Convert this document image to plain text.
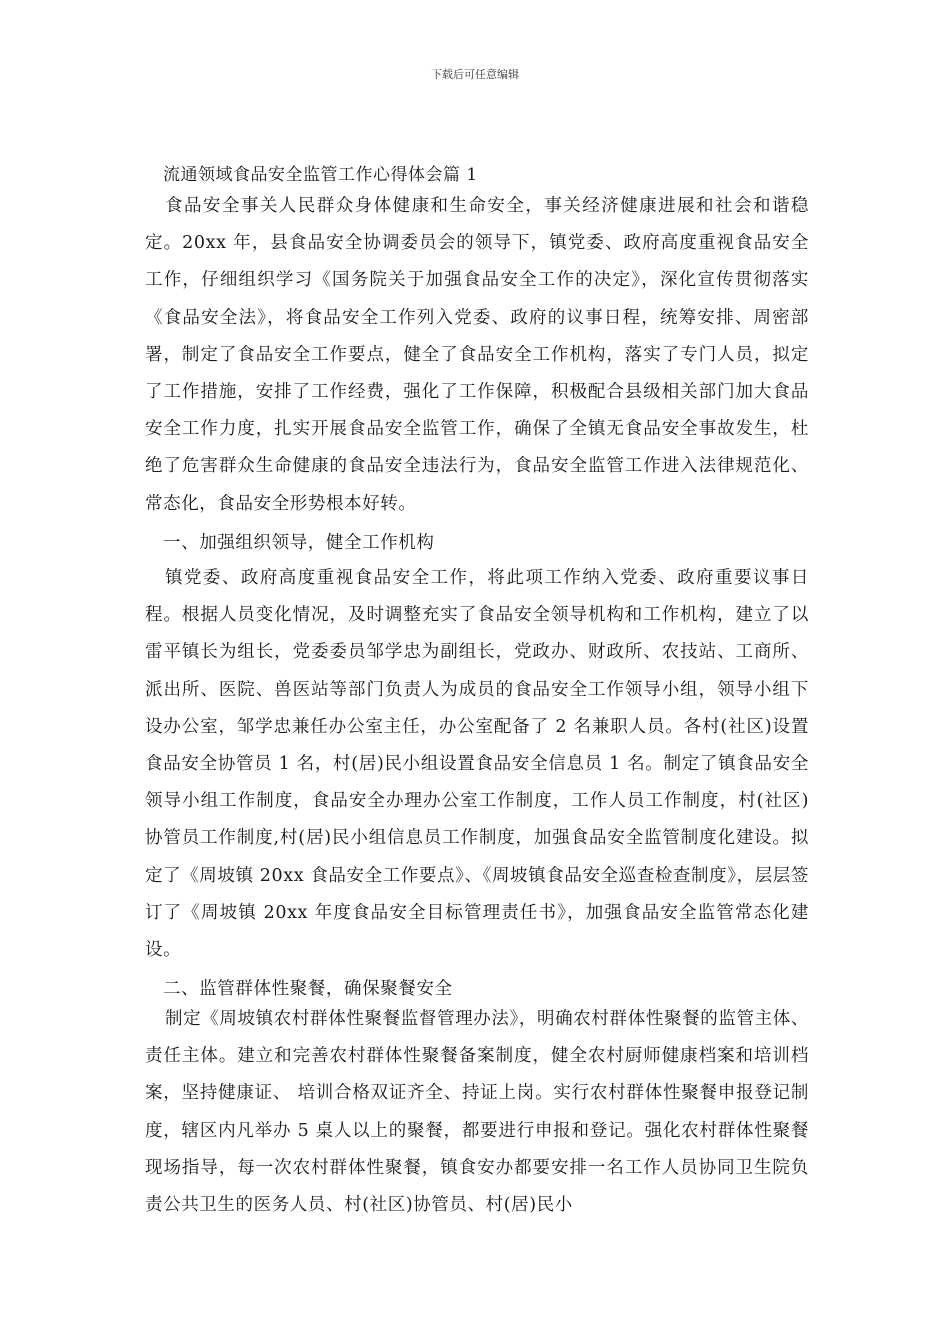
下载后可任意编辑
流通领域食品安全监管工作心得体会篇 1

食品安全事关人民群众身体健康和生命安全，事关经济健康进展和社会和谐稳定。20xx 年，县食品安全协调委员会的领导下，镇党委、政府高度重视食品安全工作，仔细组织学习《国务院关于加强食品安全工作的决定》，深化宣传贯彻落实《食品安全法》，将食品安全工作列入党委、政府的议事日程，统筹安排、周密部署，制定了食品安全工作要点，健全了食品安全工作机构，落实了专门人员，拟定了工作措施，安排了工作经费，强化了工作保障，积极配合县级相关部门加大食品安全工作力度，扎实开展食品安全监管工作，确保了全镇无食品安全事故发生，杜绝了危害群众生命健康的食品安全违法行为，食品安全监管工作进入法律规范化、常态化，食品安全形势根本好转。

一、加强组织领导，健全工作机构

镇党委、政府高度重视食品安全工作，将此项工作纳入党委、政府重要议事日程。根据人员变化情况，及时调整充实了食品安全领导机构和工作机构，建立了以雷平镇长为组长，党委委员邹学忠为副组长，党政办、财政所、农技站、工商所、派出所、医院、兽医站等部门负责人为成员的食品安全工作领导小组，领导小组下设办公室，邹学忠兼任办公室主任，办公室配备了 2 名兼职人员。各村(社区)设置食品安全协管员 1 名，村(居)民小组设置食品安全信息员 1 名。制定了镇食品安全领导小组工作制度，食品安全办理办公室工作制度，工作人员工作制度，村(社区)协管员工作制度,村(居)民小组信息员工作制度，加强食品安全监管制度化建设。拟定了《周坡镇 20xx 食品安全工作要点》、《周坡镇食品安全巡查检查制度》，层层签订了《周坡镇 20xx 年度食品安全目标管理责任书》，加强食品安全监管常态化建设。

二、监管群体性聚餐，确保聚餐安全

制定《周坡镇农村群体性聚餐监督管理办法》，明确农村群体性聚餐的监管主体、责任主体。建立和完善农村群体性聚餐备案制度，健全农村厨师健康档案和培训档案，坚持健康证、 培训合格双证齐全、持证上岗。实行农村群体性聚餐申报登记制度，辖区内凡举办 5 桌人以上的聚餐，都要进行申报和登记。强化农村群体性聚餐现场指导，每一次农村群体性聚餐，镇食安办都要安排一名工作人员协同卫生院负责公共卫生的医务人员、村(社区)协管员、村(居)民小
